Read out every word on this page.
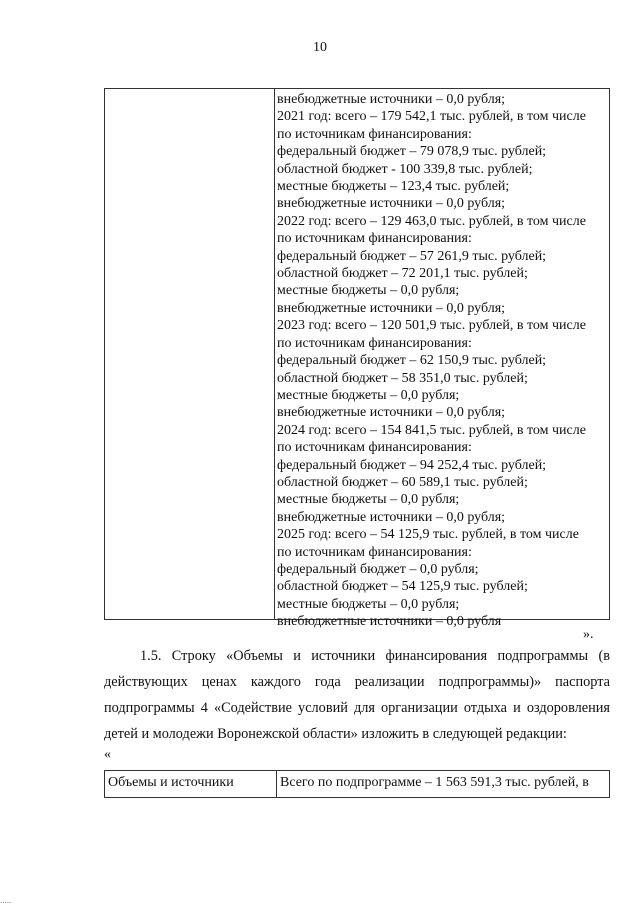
10
внебюджетные источники – 0,0 рубля;
2021 год: всего – 179 542,1 тыс. рублей, в том числе
по источникам финансирования:
федеральный бюджет – 79 078,9 тыс. рублей;
областной бюджет - 100 339,8 тыс. рублей;
местные бюджеты – 123,4 тыс. рублей;
внебюджетные источники – 0,0 рубля;
2022 год: всего – 129 463,0 тыс. рублей, в том числе
по источникам финансирования:
федеральный бюджет – 57 261,9 тыс. рублей;
областной бюджет – 72 201,1 тыс. рублей;
местные бюджеты – 0,0 рубля;
внебюджетные источники – 0,0 рубля;
2023 год: всего – 120 501,9 тыс. рублей, в том числе
по источникам финансирования:
федеральный бюджет – 62 150,9 тыс. рублей;
областной бюджет – 58 351,0 тыс. рублей;
местные бюджеты – 0,0 рубля;
внебюджетные источники – 0,0 рубля;
2024 год: всего – 154 841,5 тыс. рублей, в том числе
по источникам финансирования:
федеральный бюджет – 94 252,4 тыс. рублей;
областной бюджет – 60 589,1 тыс. рублей;
местные бюджеты – 0,0 рубля;
внебюджетные источники – 0,0 рубля;
2025 год: всего – 54 125,9 тыс. рублей, в том числе
по источникам финансирования:
федеральный бюджет – 0,0 рубля;
областной бюджет – 54 125,9 тыс. рублей;
местные бюджеты – 0,0 рубля;
внебюджетные источники – 0,0 рубля
».
1.5. Строку «Объемы и источники финансирования подпрограммы (в действующих ценах каждого года реализации подпрограммы)» паспорта подпрограммы 4 «Содействие условий для организации отдыха и оздоровления детей и молодежи Воронежской области» изложить в следующей редакции:
«
Объемы и источники	Всего по подпрограмме – 1 563 591,3 тыс. рублей, в
.....
